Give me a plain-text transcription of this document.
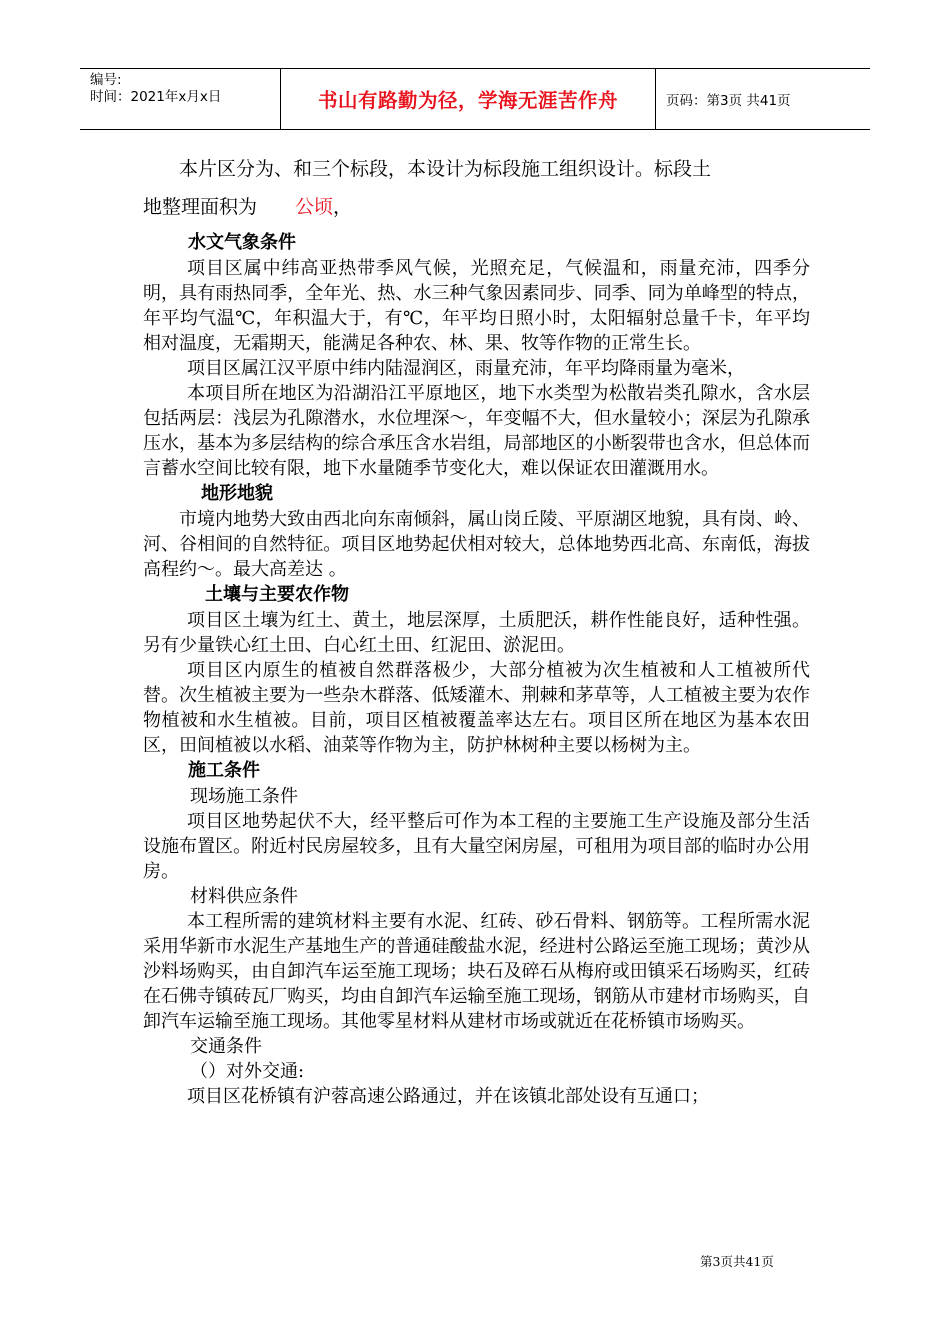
编号:
时间：2021年x月x日	书山有路勤为径，学海无涯苦作舟	页码：第3页 共41页

本片区分为、和三个标段，本设计为标段施工组织设计。标段土

地整理面积为 公顷，

水文气象条件

项目区属中纬高亚热带季风气候，光照充足，气候温和，雨量充沛，四季分明，具有雨热同季，全年光、热、水三种气象因素同步、同季、同为单峰型的特点，年平均气温℃，年积温大于，有℃，年平均日照小时，太阳辐射总量千卡，年平均相对温度，无霜期天，能满足各种农、林、果、牧等作物的正常生长。

项目区属江汉平原中纬内陆湿润区，雨量充沛，年平均降雨量为毫米，

本项目所在地区为沿湖沿江平原地区，地下水类型为松散岩类孔隙水，含水层包括两层：浅层为孔隙潜水，水位埋深～，年变幅不大，但水量较小；深层为孔隙承压水，基本为多层结构的综合承压含水岩组，局部地区的小断裂带也含水，但总体而言蓄水空间比较有限，地下水量随季节变化大，难以保证农田灌溉用水。

地形地貌

市境内地势大致由西北向东南倾斜，属山岗丘陵、平原湖区地貌，具有岗、岭、河、谷相间的自然特征。项目区地势起伏相对较大，总体地势西北高、东南低，海拔高程约～。最大高差达 。

土壤与主要农作物

项目区土壤为红土、黄土，地层深厚，土质肥沃，耕作性能良好，适种性强。另有少量铁心红土田、白心红土田、红泥田、淤泥田。

项目区内原生的植被自然群落极少，大部分植被为次生植被和人工植被所代替。次生植被主要为一些杂木群落、低矮灌木、荆棘和茅草等，人工植被主要为农作物植被和水生植被。目前，项目区植被覆盖率达左右。项目区所在地区为基本农田区，田间植被以水稻、油菜等作物为主，防护林树种主要以杨树为主。

施工条件

现场施工条件

项目区地势起伏不大，经平整后可作为本工程的主要施工生产设施及部分生活设施布置区。附近村民房屋较多，且有大量空闲房屋，可租用为项目部的临时办公用房。

材料供应条件

本工程所需的建筑材料主要有水泥、红砖、砂石骨料、钢筋等。工程所需水泥采用华新市水泥生产基地生产的普通硅酸盐水泥，经进村公路运至施工现场；黄沙从沙料场购买，由自卸汽车运至施工现场；块石及碎石从梅府或田镇采石场购买，红砖在石佛寺镇砖瓦厂购买，均由自卸汽车运输至施工现场，钢筋从市建材市场购买，自卸汽车运输至施工现场。其他零星材料从建材市场或就近在花桥镇市场购买。

交通条件

（）对外交通:

项目区花桥镇有沪蓉高速公路通过，并在该镇北部处设有互通口；

第3页共41页
